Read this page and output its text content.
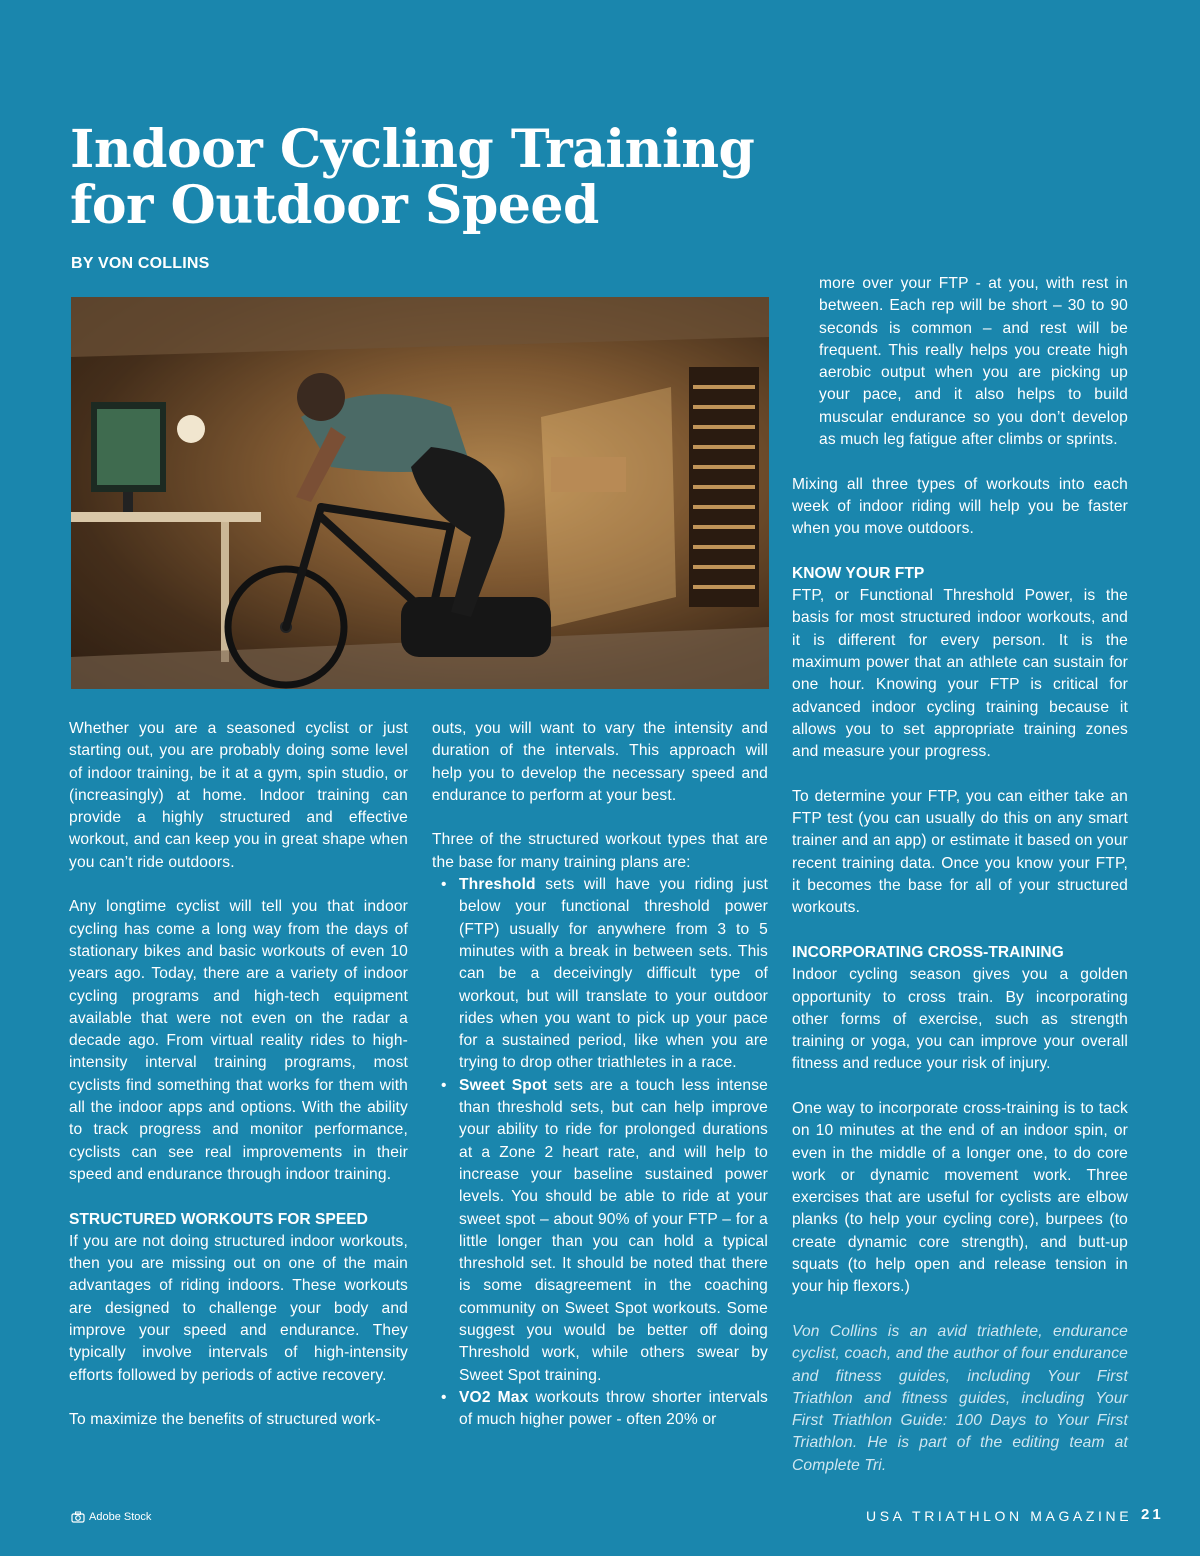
Indoor Cycling Training
for Outdoor Speed
BY VON COLLINS

Whether you are a seasoned cyclist or just starting out, you are probably doing some level of indoor training, be it at a gym, spin studio, or (increasingly) at home. Indoor training can provide a highly structured and effective workout, and can keep you in great shape when you can’t ride outdoors.

Any longtime cyclist will tell you that indoor cycling has come a long way from the days of stationary bikes and basic workouts of even 10 years ago. Today, there are a variety of indoor cycling programs and high-tech equipment available that were not even on the radar a decade ago. From virtual reality rides to high-intensity interval training programs, most cyclists find something that works for them with all the indoor apps and options. With the ability to track progress and monitor performance, cyclists can see real improvements in their speed and endurance through indoor training.

STRUCTURED WORKOUTS FOR SPEED

If you are not doing structured indoor workouts, then you are missing out on one of the main advantages of riding indoors. These workouts are designed to challenge your body and improve your speed and endurance. They typically involve intervals of high-intensity efforts followed by periods of active recovery.

To maximize the benefits of structured work-

outs, you will want to vary the intensity and duration of the intervals. This approach will help you to develop the necessary speed and endurance to perform at your best.

Three of the structured workout types that are the base for many training plans are:

• Threshold sets will have you riding just below your functional threshold power (FTP) usually for anywhere from 3 to 5 minutes with a break in between sets. This can be a deceivingly difficult type of workout, but will translate to your outdoor rides when you want to pick up your pace for a sustained period, like when you are trying to drop other triathletes in a race.
• Sweet Spot sets are a touch less intense than threshold sets, but can help improve your ability to ride for prolonged durations at a Zone 2 heart rate, and will help to increase your baseline sustained power levels. You should be able to ride at your sweet spot – about 90% of your FTP – for a little longer than you can hold a typical threshold set. It should be noted that there is some disagreement in the coaching community on Sweet Spot workouts. Some suggest you would be better off doing Threshold work, while others swear by Sweet Spot training.
• VO2 Max workouts throw shorter intervals of much higher power - often 20% or
more over your FTP - at you, with rest in between. Each rep will be short – 30 to 90 seconds is common – and rest will be frequent. This really helps you create high aerobic output when you are picking up your pace, and it also helps to build muscular endurance so you don’t develop as much leg fatigue after climbs or sprints.

Mixing all three types of workouts into each week of indoor riding will help you be faster when you move outdoors.

KNOW YOUR FTP

FTP, or Functional Threshold Power, is the basis for most structured indoor workouts, and it is different for every person. It is the maximum power that an athlete can sustain for one hour. Knowing your FTP is critical for advanced indoor cycling training because it allows you to set appropriate training zones and measure your progress.

To determine your FTP, you can either take an FTP test (you can usually do this on any smart trainer and an app) or estimate it based on your recent training data. Once you know your FTP, it becomes the base for all of your structured workouts.

INCORPORATING CROSS-TRAINING

Indoor cycling season gives you a golden opportunity to cross train. By incorporating other forms of exercise, such as strength training or yoga, you can improve your overall fitness and reduce your risk of injury.

One way to incorporate cross-training is to tack on 10 minutes at the end of an indoor spin, or even in the middle of a longer one, to do core work or dynamic movement work. Three exercises that are useful for cyclists are elbow planks (to help your cycling core), burpees (to create dynamic core strength), and butt-up squats (to help open and release tension in your hip flexors.)

Von Collins is an avid triathlete, endurance cyclist, coach, and the author of four endurance and fitness guides, including Your First Triathlon and fitness guides, including Your First Triathlon Guide: 100 Days to Your First Triathlon. He is part of the editing team at Complete Tri.

Adobe Stock	USA TRIATHLON MAGAZINE 21
